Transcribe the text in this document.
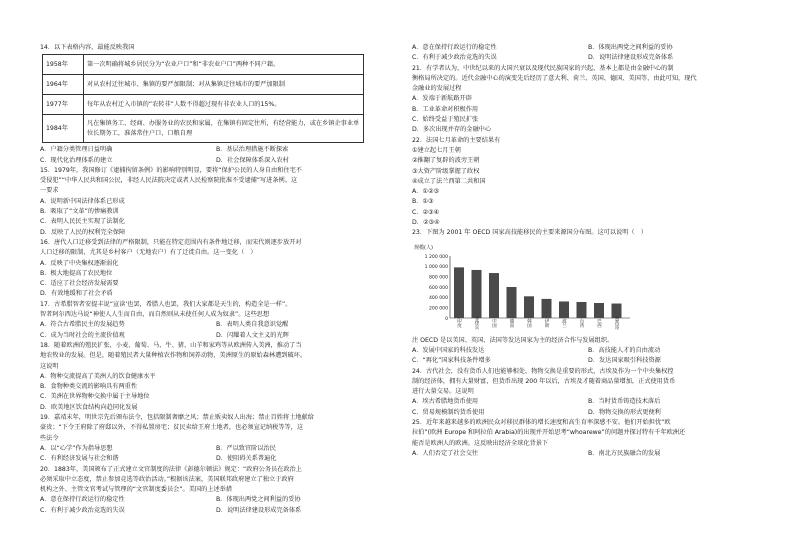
14．以下表格内容，最能反映我国
1958年	第一次明确将城乡居民分为“农业户口”和“非农业户口”两种不同户籍。
1964年	对从农村迁往城市、集镇的要严加限制；对从集镇迁往城市的要严加限制
1977年	每年从农村迁入市镇的“农转非”人数不得超过现有非农业人口的15%。
1984年	凡在集镇务工、经商、办服务业的农民和家属，在集镇有固定住所，有经营能力，或在乡镇企事业单位长期务工，准落常住户口，口粮自理
A．户籍分类管理日益明确	B．基层治理措施不断探索
C．现代化治理体系的建立	D．社会保障体系深入农村
15．1979年，我国修订《逮捕拘留条例》的影响特别明显，要将“保护公民的人身自由和住宅不
受侵犯”“中华人民共和国公民，非经人民法院决定或者人民检察院批准不受逮捕”写进条例。这
一要求
A．说明新中国法律体系已形成
B．吸取了“文革”的惨痛教训
C．表明人民民主实现了法制化
D．反映了人民的权利完全保障
16．唐代人口迁移受到法律的严格限制，只能在特定范围内有条件地迁移，而宋代则逐步放开对
人口迁移的限制，尤其是乡村客户（无地农户）有了迁徙自由。这一变化（　）
A．反映了中央集权逐渐弱化
B．极大地提高了农民地位
C．适应了社会经济发展需要
D．有效地缓和了社会矛盾
17．古希腊智者安提丰说“宣读‘也罢，希腊人也罢，我们大家都是天生的，构造全是一样”。
智者阿尔西达马说“神使人人生而自由，而自然则从未使任何人成为奴隶”。这些思想
A．符合古希腊民主的发展趋势	B．表明人类自我意识觉醒
C．成为当时社会的主流价值观	D．闪耀着人文主义的光辉
18．随着欧洲的殖民扩张，小麦、葡萄、马、牛、猪、山羊和家鸡等从欧洲传入美洲，推动了当
地农牧业的发展。但是，随着殖民者大量种植农作物和饲养动物，美洲原生的原始森林遭到破坏。
这说明
A．物种交流提高了美洲人的饮食健康水平
B．食物种类交流的影响具有两重性
C．美洲在世界物种交换中属于主导地位
D．欧美地区饮食结构向趋同化发展
19．嘉靖末年，明世宗先后颁布法令，包括限制奢靡之风；禁止贩卖奴人出海；禁止百姓将土地献给
豪贵；“下令王府除了府邸以外，不得私置房宅；贫民卖给王府土地者，也必须宣记纳税等等，这
些法令
A．以“心学”作为指导思想	B．严以致官阶以治民
C．有利经济发展与社会和谐	D．使阻碍关系普遍化
20．1883年，美国颁布了正式建立文官制度的法律《彭德尔顿法》规定：“政府公务员在政治上
必须采取中立态度，禁止参加竞选等政治活动。”根据该法案，美国联邦政府建立了独立于政府
机构之外、主管文官考试与管理的“文官制度委员会”。美国的上述举措
A．意在保持行政运行的稳定性	B．体现出两党之间利益的妥协
C．有利于减少政治竞选的失误	D．说明法律建设形成完备体系
A．意在保持行政运行的稳定性	B．体现出两党之间利益的妥协
C．有利于减少政治竞选的失误	D．说明法律建设形成完备体系
21．有学者认为，中世纪以来的大国兴衰以及现代民族国家的兴起，基本上都是由金融中心的制
衡格局所决定的。近代金融中心的演变先后经历了意大利、荷兰、英国、德国、美国等，由此可知，现代
金融业的发展过程
A．发端于新航路开辟
B．工业革命对积极作用
C．始终受益于殖民扩张
D．多次出现并存的金融中心
22．法国七月革命的主要结果有
①建立起七月王朝
②推翻了复辟的波旁王朝
③大资产阶级掌握了政权
④成立了法兰西第二共和国
A．①②③
B．①③
C．②③④
D．②③④
23．下图为 2001 年 OECD 国家高技能移民的主要来源国分布图。这可以说明（　）
规模(人)
1 200 000
1 000 000
800 000
600 000
400 000
200 000
0 印度	菲律宾	中国	越南	韩国	伊朗	波兰	台湾	巴西	墨西哥
注 OECD 是以美国、英国、法国等发达国家为主的经济合作与发展组织。
A．发展中国家的科技发达	B．高技能人才的自由流动
C．“再化”国家科技条件增多	D．发达国家吸引科技资源
24．古代社会，没有货币人们也能够相处，物物交换是重要的形式，古埃及作为一个中央集权控
制的经济体，拥有大量财富，但货币出现 200 年以后，古埃及才随着商品量增加，正式使用货币
进行大量交易。这说明
A．埃古希腊地货币使用	B．当时货币铸造技术落后
C．贸易规模制约货币使用	D．物物交换的形式更便利
25．近年来越来越多的欧洲民众对移民群体的增长速度和高生育率深感不安。他们开始担忧“欧
拉伯”(欧洲 Europe 和阿拉伯 Arabia)的出现并开始思考“whoarewe”的问题并探讨特有千年欧洲还
能否是欧洲人的欧洲。这反映出经济全球化背景下
A．人们否定了社会交往	B．南北方民族融合的发展
